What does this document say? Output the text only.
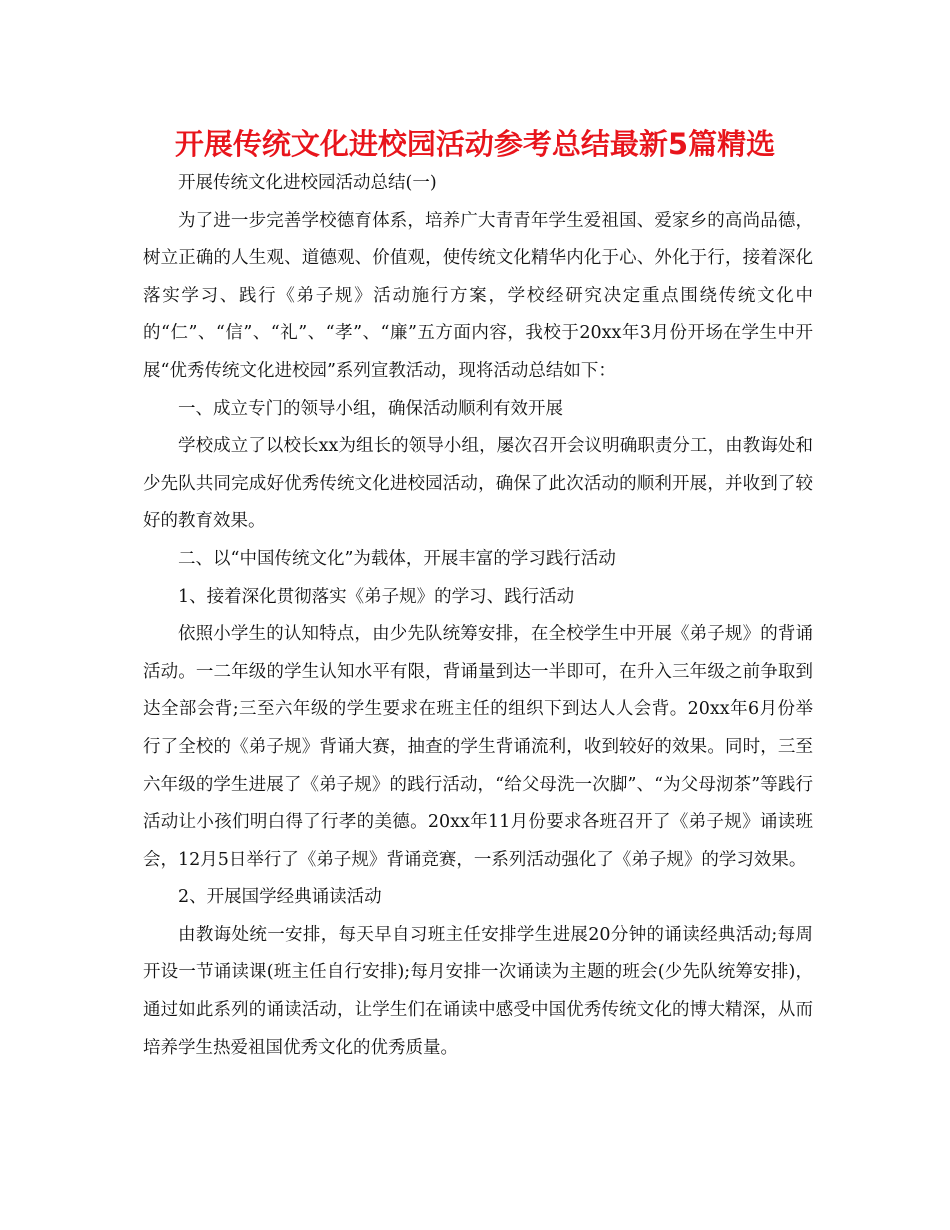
开展传统文化进校园活动参考总结最新5篇精选

开展传统文化进校园活动总结(一)

为了进一步完善学校德育体系，培养广大青青年学生爱祖国、爱家乡的高尚品德，树立正确的人生观、道德观、价值观，使传统文化精华内化于心、外化于行，接着深化落实学习、践行《弟子规》活动施行方案，学校经研究决定重点围绕传统文化中的“仁”、“信”、“礼”、“孝”、“廉”五方面内容，我校于20xx年3月份开场在学生中开展“优秀传统文化进校园”系列宣教活动，现将活动总结如下：

一、成立专门的领导小组，确保活动顺利有效开展

学校成立了以校长xx为组长的领导小组，屡次召开会议明确职责分工，由教诲处和少先队共同完成好优秀传统文化进校园活动，确保了此次活动的顺利开展，并收到了较好的教育效果。

二、以“中国传统文化”为载体，开展丰富的学习践行活动

1、接着深化贯彻落实《弟子规》的学习、践行活动

依照小学生的认知特点，由少先队统筹安排，在全校学生中开展《弟子规》的背诵活动。一二年级的学生认知水平有限，背诵量到达一半即可，在升入三年级之前争取到达全部会背;三至六年级的学生要求在班主任的组织下到达人人会背。20xx年6月份举行了全校的《弟子规》背诵大赛，抽查的学生背诵流利，收到较好的效果。同时，三至六年级的学生进展了《弟子规》的践行活动，“给父母洗一次脚”、“为父母沏茶”等践行活动让小孩们明白得了行孝的美德。20xx年11月份要求各班召开了《弟子规》诵读班会，12月5日举行了《弟子规》背诵竞赛，一系列活动强化了《弟子规》的学习效果。

2、开展国学经典诵读活动

由教诲处统一安排，每天早自习班主任安排学生进展20分钟的诵读经典活动;每周开设一节诵读课(班主任自行安排);每月安排一次诵读为主题的班会(少先队统筹安排)，通过如此系列的诵读活动，让学生们在诵读中感受中国优秀传统文化的博大精深，从而培养学生热爱祖国优秀文化的优秀质量。
